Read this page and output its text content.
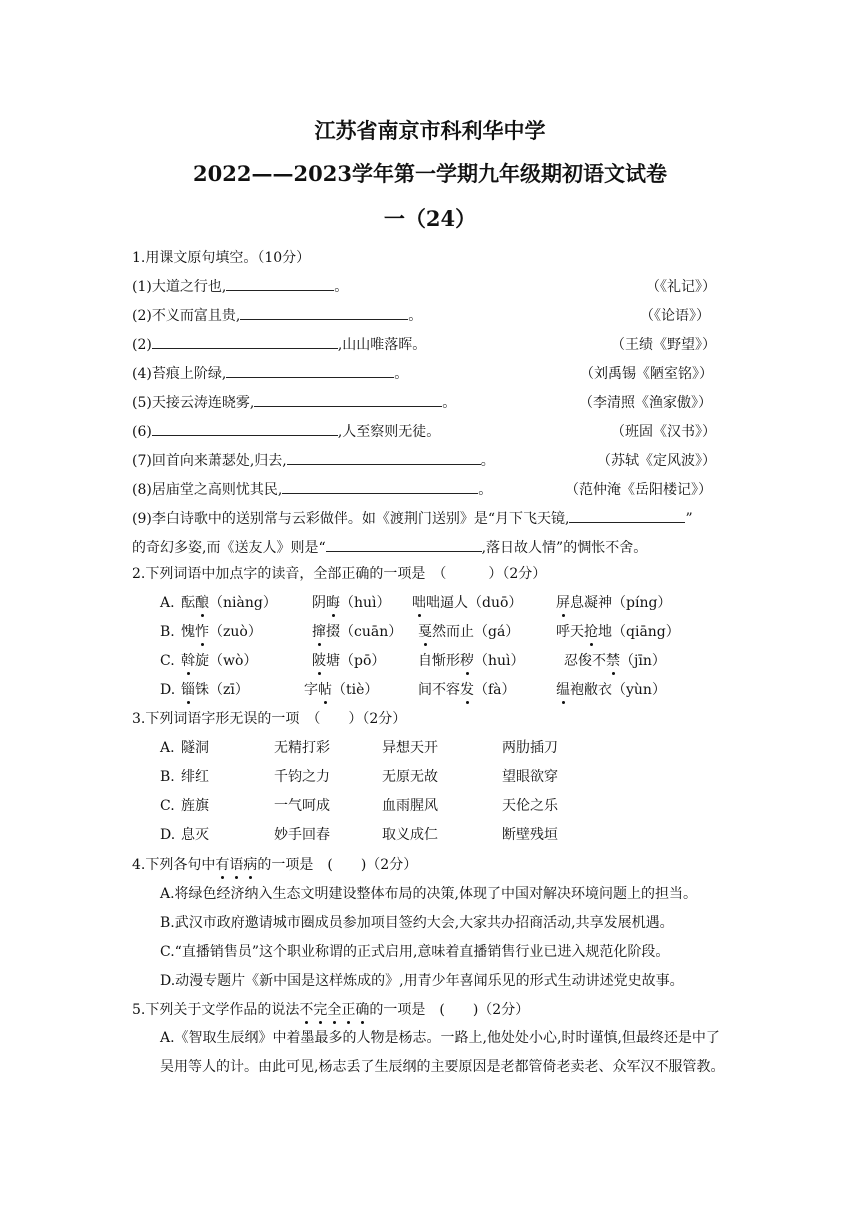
江苏省南京市科利华中学
2022——2023学年第一学期九年级期初语文试卷
一（24）
1.用课文原句填空。（10分）
(1)大道之行也,	。	（《礼记》）
(2)不义而富且贵,	。	（《论语》）
(2)	,山山唯落晖。	（王绩《野望》）
(4)苔痕上阶绿,	。	（刘禹锡《陋室铭》）
(5)天接云涛连晓雾,	。	（李清照《渔家傲》）
(6)	,人至察则无徒。	（班固《汉书》）
(7)回首向来萧瑟处,归去,	。	（苏轼《定风波》）
(8)居庙堂之高则忧其民,	。	（范仲淹《岳阳楼记》）
(9)李白诗歌中的送别常与云彩做伴。如《渡荆门送别》是“月下飞天镜,	”
的奇幻多姿,而《送友人》则是“	,落日故人情”的惆怅不舍。
2.下列词语中加点字的读音，全部正确的一项是　（　　　）（2分）
A. 酝酿（niàng）	阴晦（huì） 咄咄逼人（duō） 屏息凝神（píng）
B. 愧怍（zuò）	撺掇（cuān） 戛然而止（gá）	呼天抢地（qiāng）
C. 斡旋（wò）	陂塘（pō） 自惭形秽（huì）	忍俊不禁（jīn）
D. 锱铢（zī）	字帖（tiè）	间不容发（fà）	缊袍敝衣（yùn）
3.下列词语字形无误的一项　（　　）（2分）
A. 隧洞	无精打彩	异想天开	两肋插刀
B. 绯红	千钧之力	无原无故	望眼欲穿
C. 旌旗	一气呵成	血雨腥风	天伦之乐
D. 息灭	妙手回春	取义成仁	断壁残垣
4.下列各句中有语病的一项是　(　　)（2分）
A.将绿色经济纳入生态文明建设整体布局的决策,体现了中国对解决环境问题上的担当。
B.武汉市政府邀请城市圈成员参加项目签约大会,大家共办招商活动,共享发展机遇。
C.“直播销售员”这个职业称谓的正式启用,意味着直播销售行业已进入规范化阶段。
D.动漫专题片《新中国是这样炼成的》,用青少年喜闻乐见的形式生动讲述党史故事。
5.下列关于文学作品的说法不完全正确的一项是　(　　)（2分）
A.《智取生辰纲》中着墨最多的人物是杨志。一路上,他处处小心,时时谨慎,但最终还是中了吴用等人的计。由此可见,杨志丢了生辰纲的主要原因是老都管倚老卖老、众军汉不服管教。
